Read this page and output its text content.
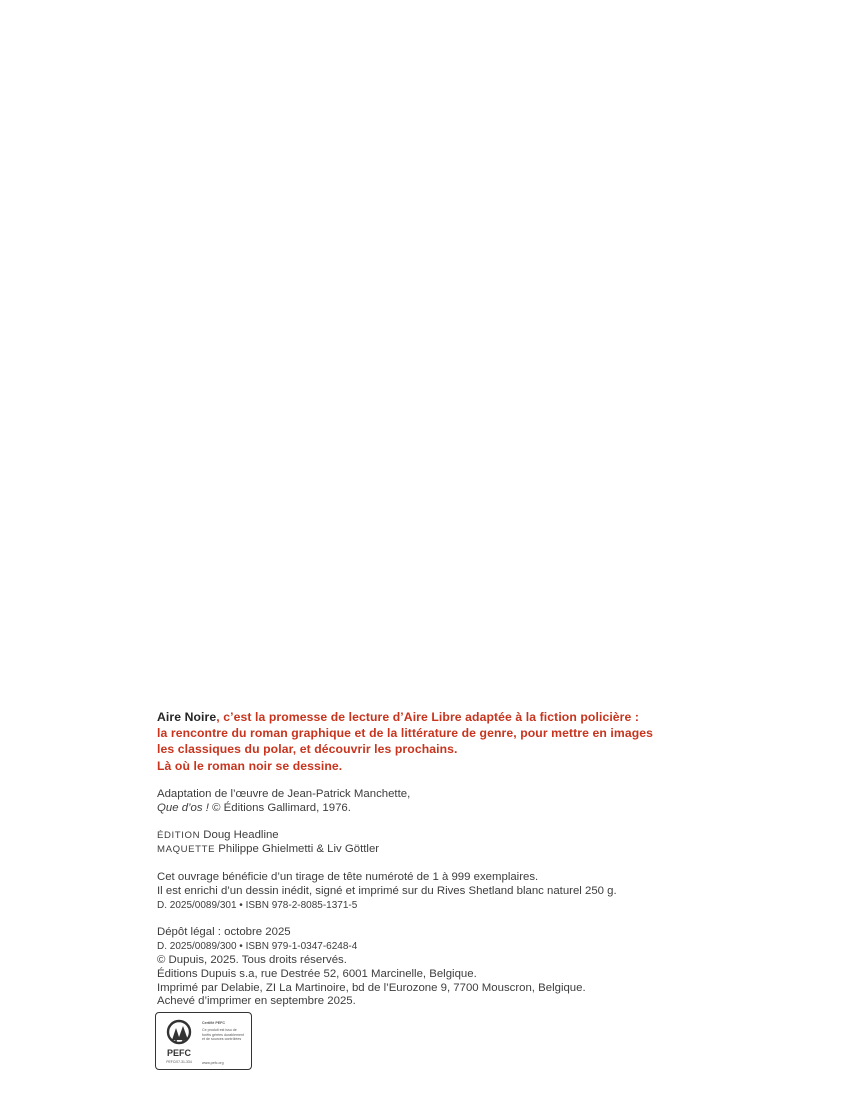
Aire Noire, c’est la promesse de lecture d’Aire Libre adaptée à la fiction policière :
la rencontre du roman graphique et de la littérature de genre, pour mettre en images
les classiques du polar, et découvrir les prochains.
Là où le roman noir se dessine.
Adaptation de l’œuvre de Jean-Patrick Manchette,
Que d’os ! © Éditions Gallimard, 1976.
ÉDITION Doug Headline
MAQUETTE Philippe Ghielmetti & Liv Göttler
Cet ouvrage bénéficie d’un tirage de tête numéroté de 1 à 999 exemplaires.
Il est enrichi d’un dessin inédit, signé et imprimé sur du Rives Shetland blanc naturel 250 g.
D. 2025/0089/301 • ISBN 978-2-8085-1371-5
Dépôt légal : octobre 2025
D. 2025/0089/300 • ISBN 979-1-0347-6248-4
© Dupuis, 2025. Tous droits réservés.
Éditions Dupuis s.a, rue Destrée 52, 6001 Marcinelle, Belgique.
Imprimé par Delabie, ZI La Martinoire, bd de l’Eurozone 9, 7700 Mouscron, Belgique.
Achevé d’imprimer en septembre 2025.
PEFC
PEFC/07-31-334
Certifié PEFC
Ce produit est issu de
forêts gérées durablement
et de sources contrôlées
www.pefc.org
